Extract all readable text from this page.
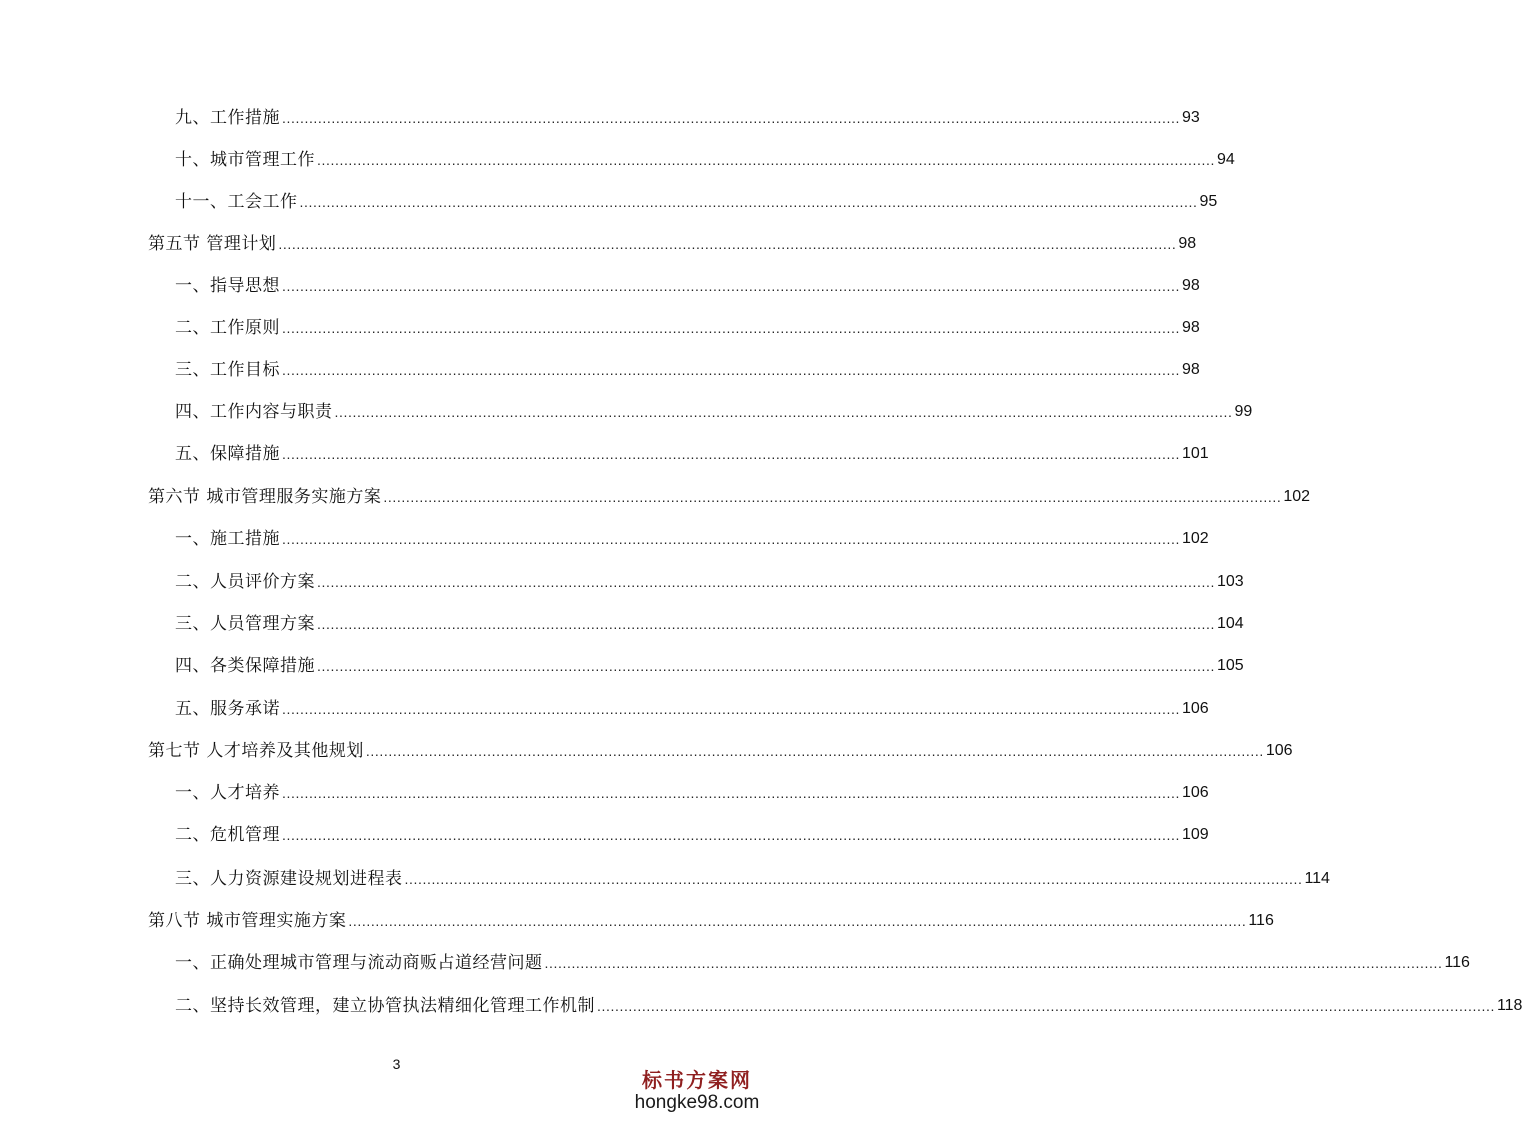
九、工作措施 ........................................................................................................................................................................................................ 93
十、城市管理工作 ........................................................................................................................................................................................................ 94
十一、工会工作 ........................................................................................................................................................................................................ 95
第五节 管理计划 ........................................................................................................................................................................................................ 98
一、指导思想 ........................................................................................................................................................................................................ 98
二、工作原则 ........................................................................................................................................................................................................ 98
三、工作目标 ........................................................................................................................................................................................................ 98
四、工作内容与职责 ........................................................................................................................................................................................................ 99
五、保障措施 ........................................................................................................................................................................................................ 101
第六节 城市管理服务实施方案 ........................................................................................................................................................................................................ 102
一、施工措施 ........................................................................................................................................................................................................ 102
二、人员评价方案 ........................................................................................................................................................................................................ 103
三、人员管理方案 ........................................................................................................................................................................................................ 104
四、各类保障措施 ........................................................................................................................................................................................................ 105
五、服务承诺 ........................................................................................................................................................................................................ 106
第七节 人才培养及其他规划 ........................................................................................................................................................................................................ 106
一、人才培养 ........................................................................................................................................................................................................ 106
二、危机管理 ........................................................................................................................................................................................................ 109
三、人力资源建设规划进程表 ........................................................................................................................................................................................................ 114
第八节 城市管理实施方案 ........................................................................................................................................................................................................ 116
一、正确处理城市管理与流动商贩占道经营问题 ........................................................................................................................................................................................................ 116
二、坚持长效管理，建立协管执法精细化管理工作机制 ........................................................................................................................................................................................................ 118
3
标书方案网
hongke98.com
